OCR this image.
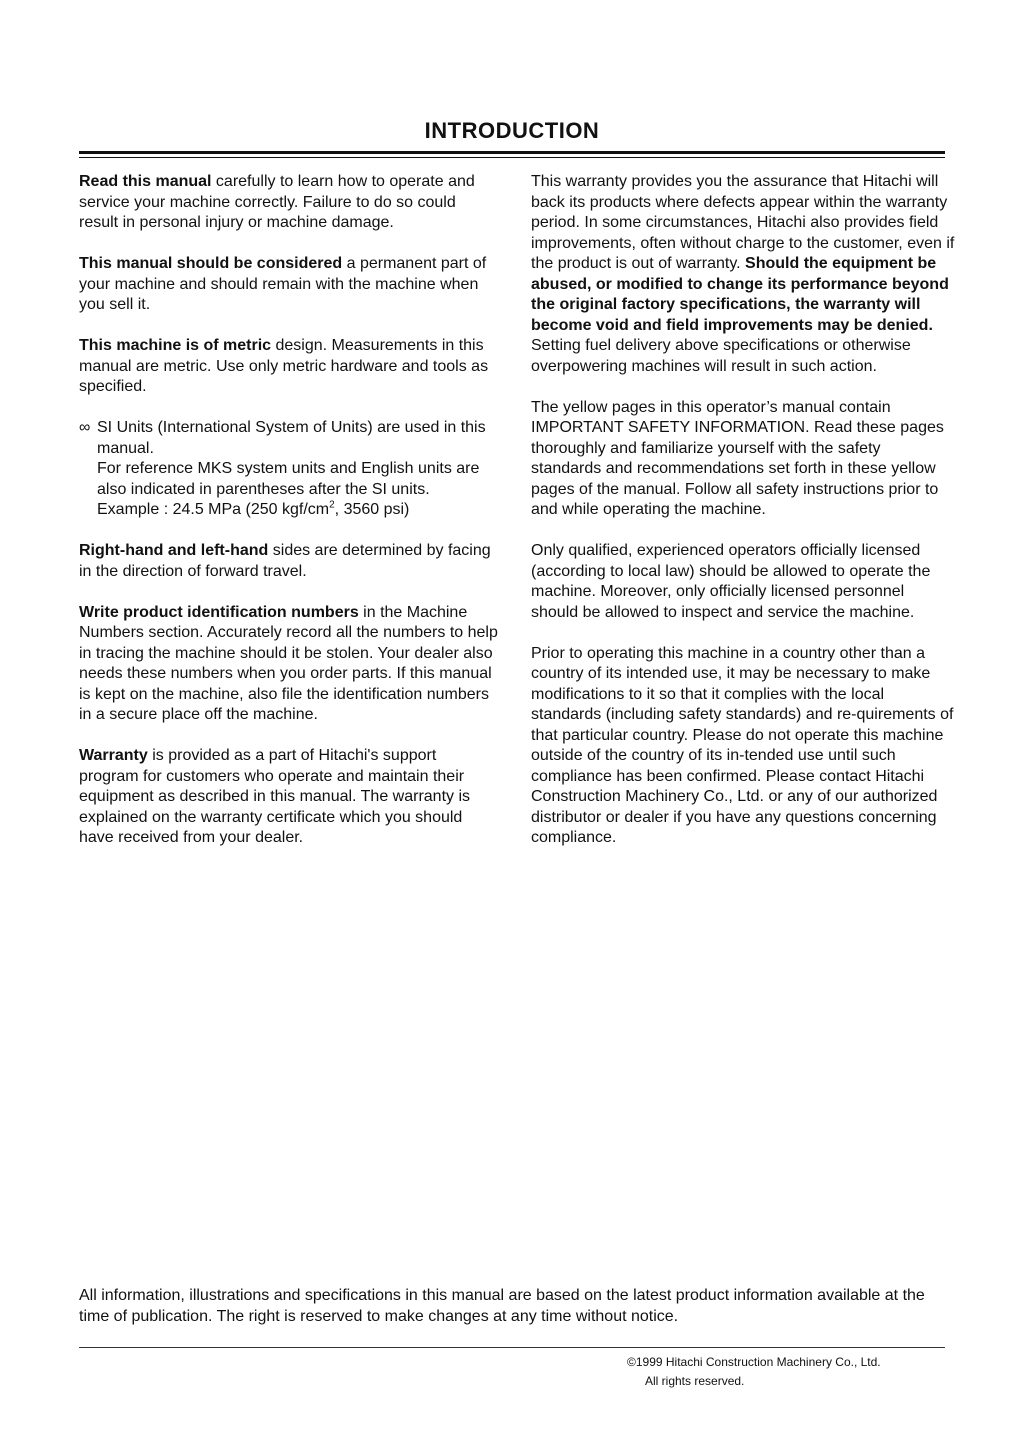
INTRODUCTION

Read this manual carefully to learn how to operate and service your machine correctly. Failure to do so could result in personal injury or machine damage.

This manual should be considered a permanent part of your machine and should remain with the machine when you sell it.

This machine is of metric design. Measurements in this manual are metric. Use only metric hardware and tools as specified.

∞ SI Units (International System of Units) are used in this manual.
For reference MKS system units and English units are also indicated in parentheses after the SI units.
Example : 24.5 MPa (250 kgf/$cm^2$, 3560 psi)

Right-hand and left-hand sides are determined by facing in the direction of forward travel.

Write product identification numbers in the Machine Numbers section. Accurately record all the numbers to help in tracing the machine should it be stolen. Your dealer also needs these numbers when you order parts. If this manual is kept on the machine, also file the identification numbers in a secure place off the machine.

Warranty is provided as a part of Hitachi's support program for customers who operate and maintain their equipment as described in this manual. The warranty is explained on the warranty certificate which you should have received from your dealer.

This warranty provides you the assurance that Hitachi will back its products where defects appear within the warranty period. In some circumstances, Hitachi also provides field improvements, often without charge to the customer, even if the product is out of warranty. Should the equipment be abused, or modified to change its performance beyond the original factory specifications, the warranty will become void and field improvements may be denied. Setting fuel delivery above specifications or otherwise overpowering machines will result in such action.

The yellow pages in this operator’s manual contain IMPORTANT SAFETY INFORMATION. Read these pages thoroughly and familiarize yourself with the safety standards and recommendations set forth in these yellow pages of the manual. Follow all safety instructions prior to and while operating the machine.

Only qualified, experienced operators officially licensed (according to local law) should be allowed to operate the machine. Moreover, only officially licensed personnel should be allowed to inspect and service the machine.

Prior to operating this machine in a country other than a country of its intended use, it may be necessary to make modifications to it so that it complies with the local standards (including safety standards) and re-quirements of that particular country. Please do not operate this machine outside of the country of its in-tended use until such compliance has been confirmed. Please contact Hitachi Construction Machinery Co., Ltd. or any of our authorized distributor or dealer if you have any questions concerning compliance.

All information, illustrations and specifications in this manual are based on the latest product information available at the time of publication. The right is reserved to make changes at any time without notice.
©1999 Hitachi Construction Machinery Co., Ltd.
All rights reserved.
